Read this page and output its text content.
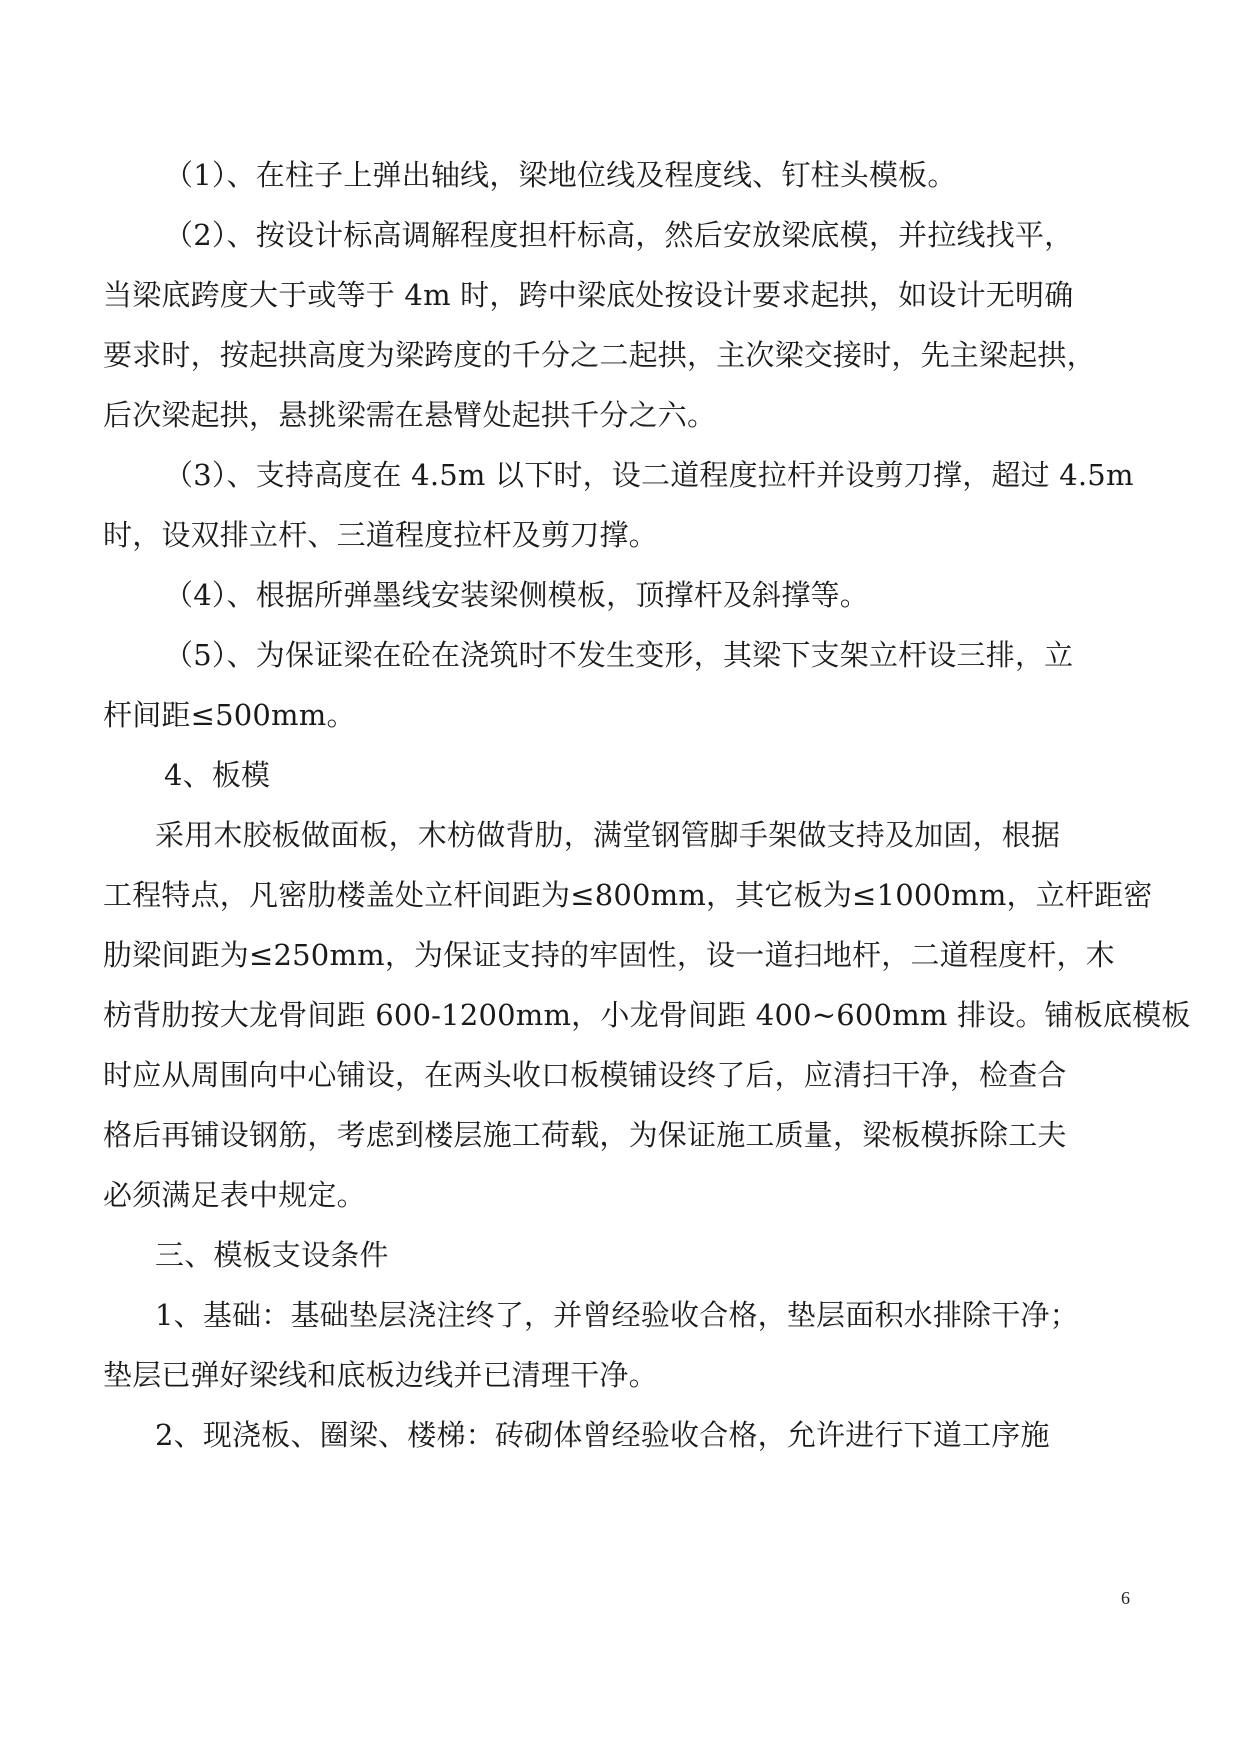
（1）、在柱子上弹出轴线，梁地位线及程度线、钉柱头模板。
（2）、按设计标高调解程度担杆标高，然后安放梁底模，并拉线找平，
当梁底跨度大于或等于 4m 时，跨中梁底处按设计要求起拱，如设计无明确
要求时，按起拱高度为梁跨度的千分之二起拱，主次梁交接时，先主梁起拱，
后次梁起拱，悬挑梁需在悬臂处起拱千分之六。
（3）、支持高度在 4.5m 以下时，设二道程度拉杆并设剪刀撑，超过 4.5m
时，设双排立杆、三道程度拉杆及剪刀撑。
（4）、根据所弹墨线安装梁侧模板，顶撑杆及斜撑等。
（5）、为保证梁在砼在浇筑时不发生变形，其梁下支架立杆设三排，立
杆间距≤500mm。
4、板模
采用木胶板做面板，木枋做背肋，满堂钢管脚手架做支持及加固，根据
工程特点，凡密肋楼盖处立杆间距为≤800mm，其它板为≤1000mm，立杆距密
肋梁间距为≤250mm，为保证支持的牢固性，设一道扫地杆，二道程度杆，木
枋背肋按大龙骨间距 600-1200mm，小龙骨间距 400~600mm 排设。铺板底模板
时应从周围向中心铺设，在两头收口板模铺设终了后，应清扫干净，检查合
格后再铺设钢筋，考虑到楼层施工荷载，为保证施工质量，梁板模拆除工夫
必须满足表中规定。
三、模板支设条件
1、基础：基础垫层浇注终了，并曾经验收合格，垫层面积水排除干净；
垫层已弹好梁线和底板边线并已清理干净。
2、现浇板、圈梁、楼梯：砖砌体曾经验收合格，允许进行下道工序施
6
